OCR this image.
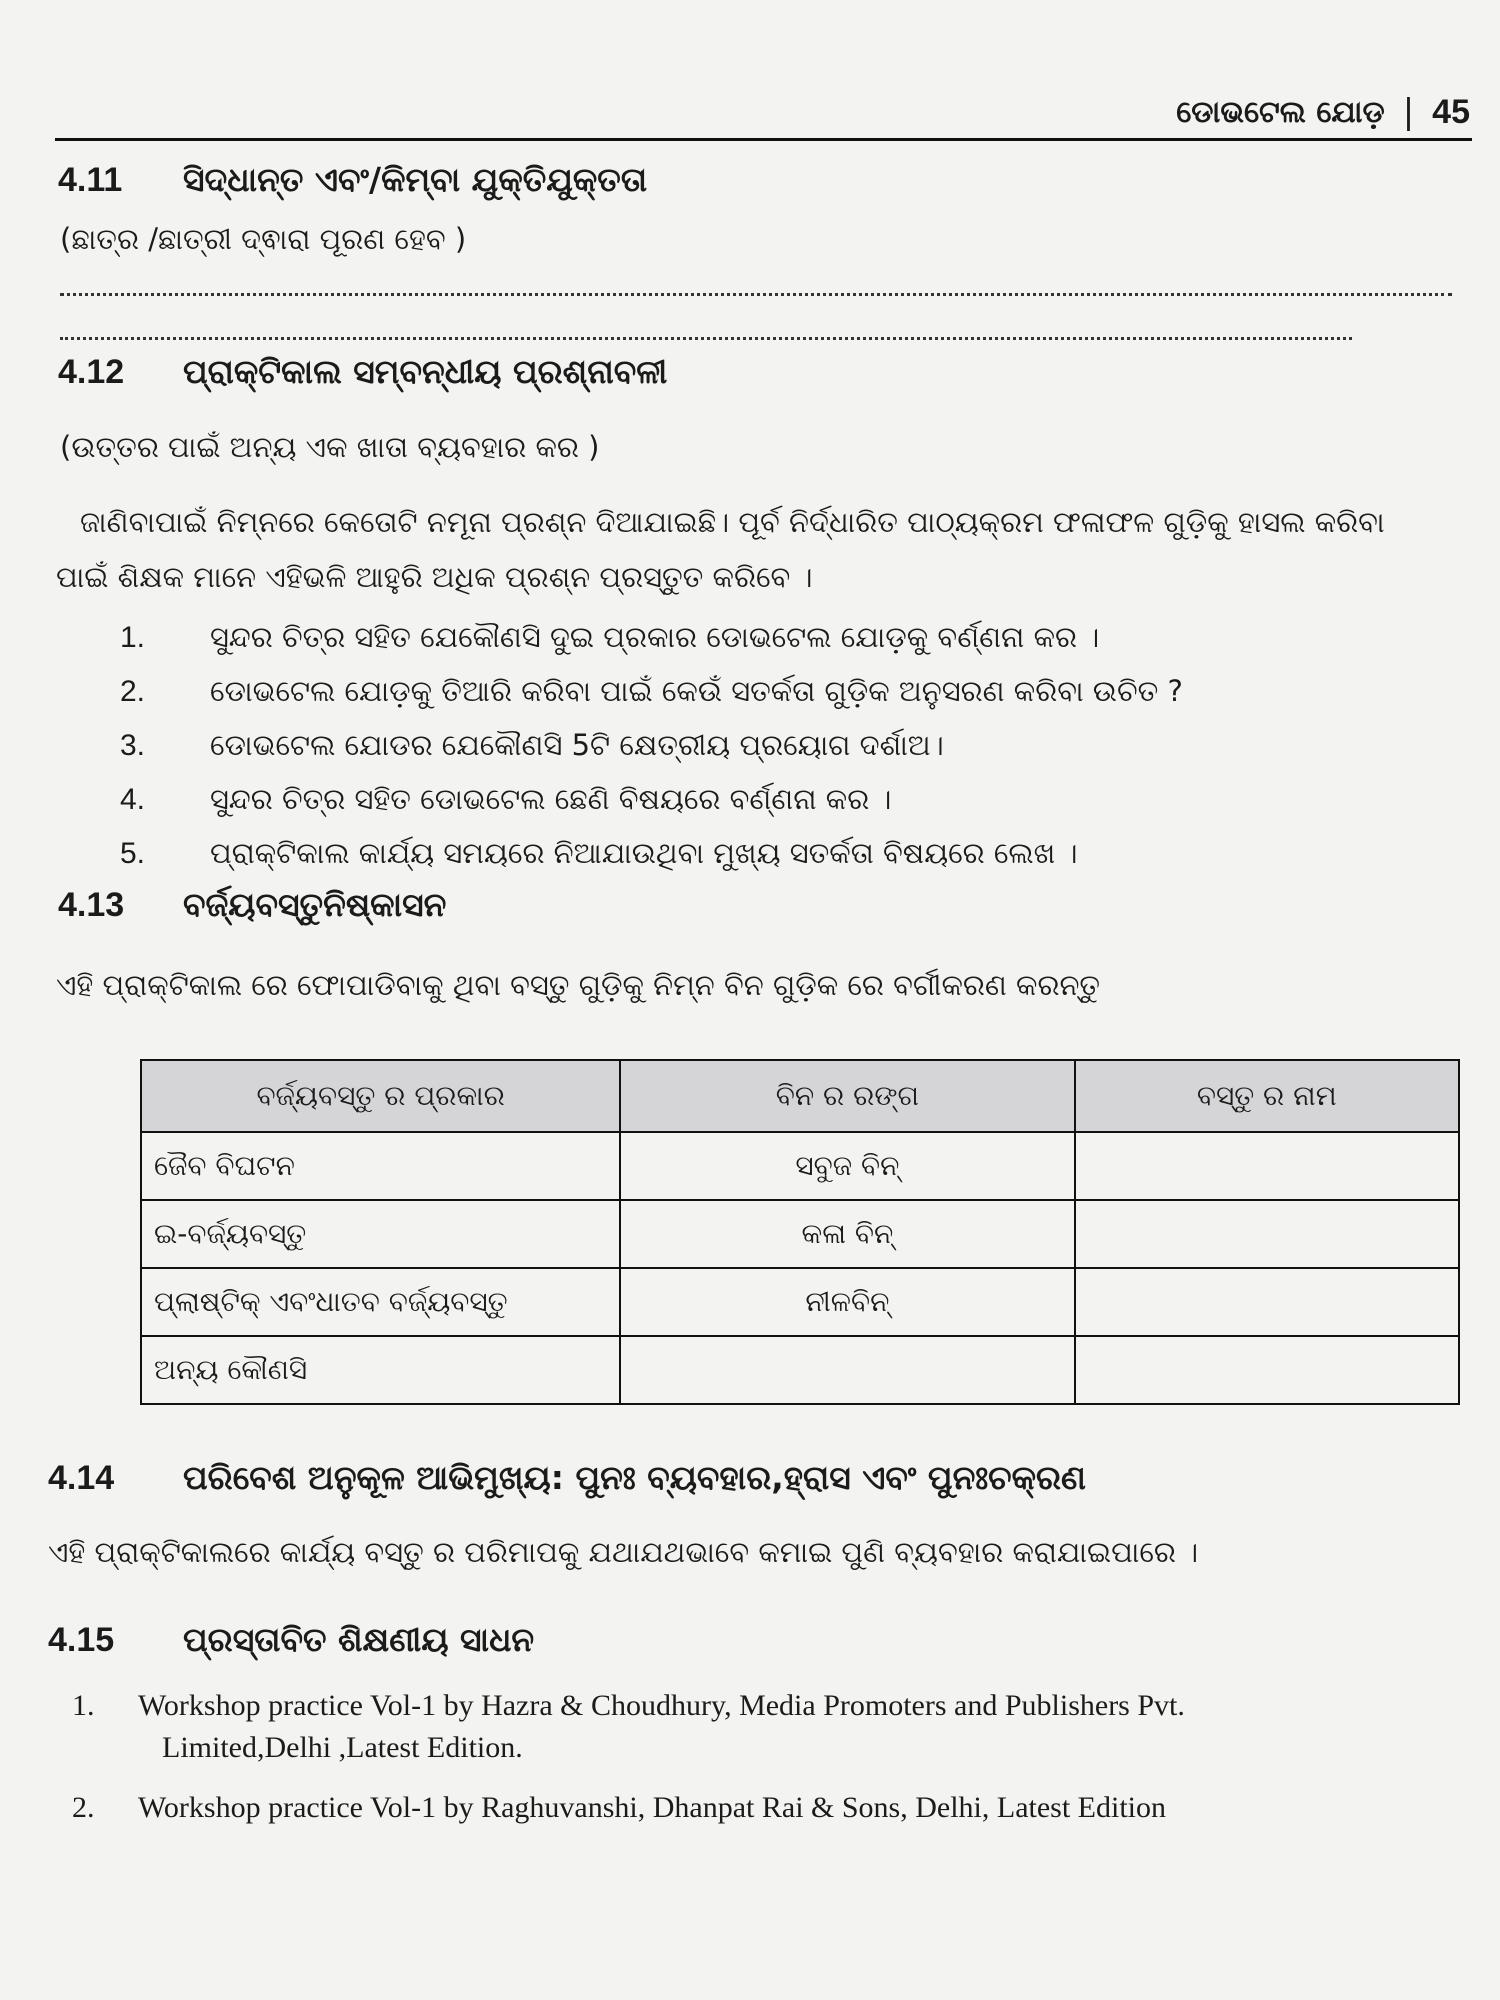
ଡୋଭଟେଲ ଯୋଡ଼ | 45
4.11	ସିଦ୍ଧାନ୍ତ ଏବଂ/କିମ୍ବା ଯୁକ୍ତିଯୁକ୍ତତା
(ଛାତ୍ର /ଛାତ୍ରୀ ଦ୍ଵାରା ପୂରଣ ହେବ )
4.12	ପ୍ରାକ୍ଟିକାଲ ସମ୍ବନ୍ଧୀୟ ପ୍ରଶ୍ନାବଳୀ
(ଉତ୍ତର ପାଇଁ ଅନ୍ୟ ଏକ ଖାତା ବ୍ୟବହାର କର )
ଜାଣିବାପାଇଁ ନିମ୍ନରେ କେତୋଟି ନମୂନା ପ୍ରଶ୍ନ ଦିଆଯାଇଛି। ପୂର୍ବ ନିର୍ଦ୍ଧାରିତ ପାଠ୍ୟକ୍ରମ ଫଳାଫଳ ଗୁଡ଼ିକୁ ହାସଲ କରିବା
ପାଇଁ ଶିକ୍ଷକ ମାନେ ଏହିଭଳି ଆହୁରି ଅଧିକ ପ୍ରଶ୍ନ ପ୍ରସ୍ତୁତ କରିବେ ।
1.	ସୁନ୍ଦର ଚିତ୍ର ସହିତ ଯେକୌଣସି ଦୁଇ ପ୍ରକାର ଡୋଭଟେଲ ଯୋଡ଼କୁ ବର୍ଣ୍ଣନା କର ।
2.	ଡୋଭଟେଲ ଯୋଡ଼କୁ ତିଆରି କରିବା ପାଇଁ କେଉଁ ସତର୍କତା ଗୁଡ଼ିକ ଅନୁସରଣ କରିବା ଉଚିତ ?
3.	ଡୋଭଟେଲ ଯୋଡର ଯେକୌଣସି 5ଟି କ୍ଷେତ୍ରୀୟ ପ୍ରୟୋଗ ଦର୍ଶାଅ।
4.	ସୁନ୍ଦର ଚିତ୍ର ସହିତ ଡୋଭଟେଲ ଛେଣି ବିଷୟରେ ବର୍ଣ୍ଣନା କର ।
5.	ପ୍ରାକ୍ଟିକାଲ କାର୍ଯ୍ୟ ସମୟରେ ନିଆଯାଉଥିବା ମୁଖ୍ୟ ସତର୍କତା ବିଷୟରେ ଲେଖ ।
4.13	ବର୍ଜ୍ୟବସ୍ତୁନିଷ୍କାସନ
ଏହି ପ୍ରାକ୍ଟିକାଲ ରେ ଫୋପାଡିବାକୁ ଥିବା ବସ୍ତୁ ଗୁଡ଼ିକୁ ନିମ୍ନ ବିନ ଗୁଡ଼ିକ ରେ ବର୍ଗୀକରଣ କରନ୍ତୁ
ବର୍ଜ୍ୟବସ୍ତୁ ର ପ୍ରକାର	ବିନ ର ରଙ୍ଗ	ବସ୍ତୁ ର ନାମ
ଜୈବ ବିଘଟନ	ସବୁଜ ବିନ୍	
ଇ-ବର୍ଜ୍ୟବସ୍ତୁ	କଳା ବିନ୍	
ପ୍ଲାଷ୍ଟିକ୍ ଏବଂଧାତବ ବର୍ଜ୍ୟବସ୍ତୁ	ନୀଳବିନ୍	
ଅନ୍ୟ କୌଣସି		
4.14	ପରିବେଶ ଅନୁକୂଳ ଆଭିମୁଖ୍ୟ: ପୁନଃ ବ୍ୟବହାର,ହ୍ରାସ ଏବଂ ପୁନଃଚକ୍ରଣ
ଏହି ପ୍ରାକ୍ଟିକାଲରେ କାର୍ଯ୍ୟ ବସ୍ତୁ ର ପରିମାପକୁ ଯଥାଯଥଭାବେ କମାଇ ପୁଣି ବ୍ୟବହାର କରାଯାଇପାରେ ।
4.15	ପ୍ରସ୍ତାବିତ ଶିକ୍ଷଣୀୟ ସାଧନ
1.	Workshop practice Vol-1 by Hazra & Choudhury, Media Promoters and Publishers Pvt.
Limited,Delhi ,Latest Edition.
2.	Workshop practice Vol-1 by Raghuvanshi, Dhanpat Rai & Sons, Delhi, Latest Edition
